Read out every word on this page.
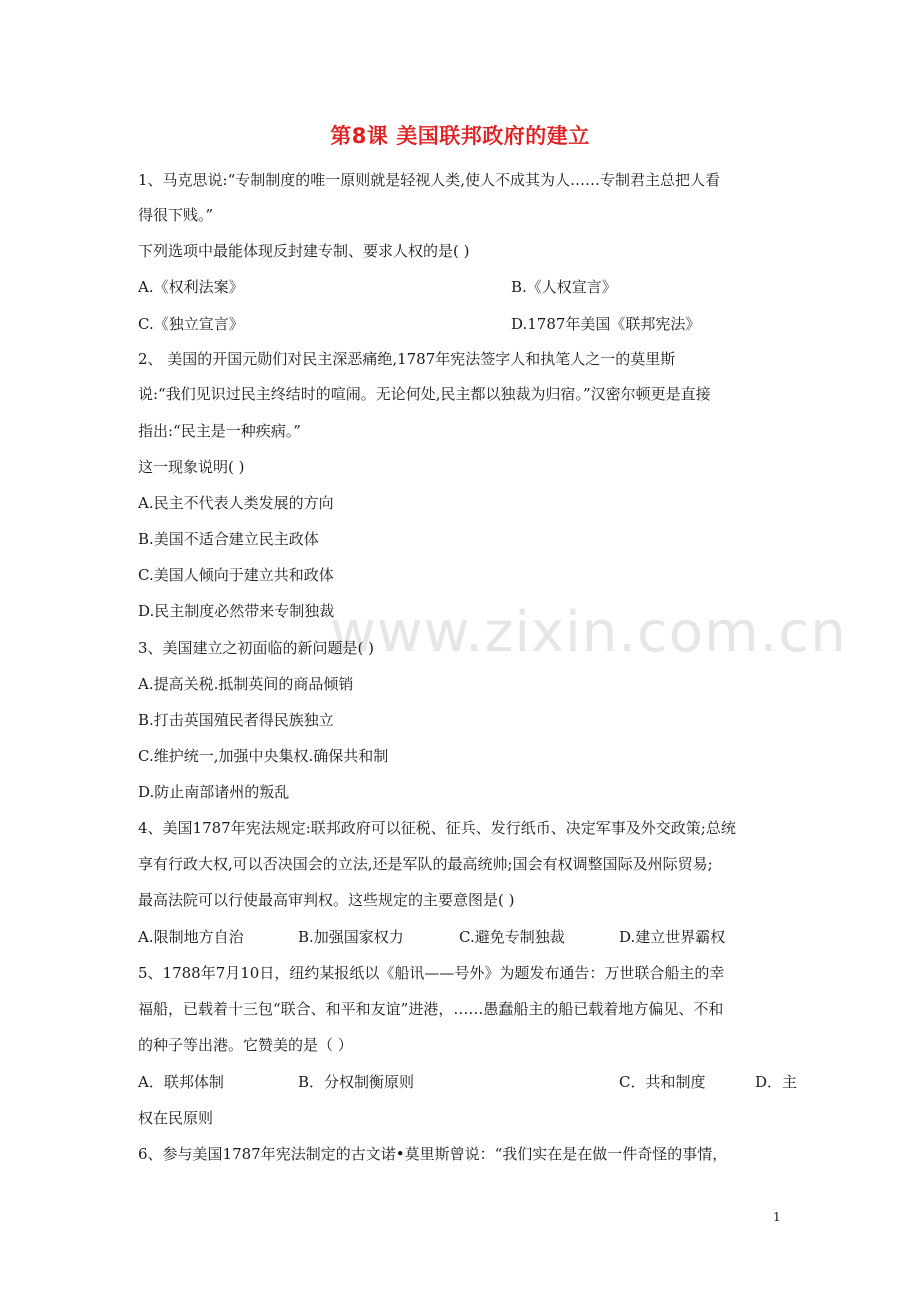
www.zixin.com.cn
第8课 美国联邦政府的建立
1、马克思说:“专制制度的唯一原则就是轻视人类,使人不成其为人……专制君主总把人看
得很下贱。”
下列选项中最能体现反封建专制、要求人权的是( )
A.《权利法案》	B.《人权宣言》
C.《独立宣言》	D.1787年美国《联邦宪法》
2、 美国的开国元勋们对民主深恶痛绝,1787年宪法签字人和执笔人之一的莫里斯
说:“我们见识过民主终结时的喧闹。无论何处,民主都以独裁为归宿。”汉密尔顿更是直接
指出:“民主是一种疾病。”
这一现象说明( )
A.民主不代表人类发展的方向
B.美国不适合建立民主政体
C.美国人倾向于建立共和政体
D.民主制度必然带来专制独裁
3、美国建立之初面临的新问题是( )
A.提高关税.抵制英间的商品倾销
B.打击英国殖民者得民族独立
C.维护统一,加强中央集权.确保共和制
D.防止南部诸州的叛乱
4、美国1787年宪法规定:联邦政府可以征税、征兵、发行纸币、决定军事及外交政策;总统
享有行政大权,可以否决国会的立法,还是军队的最高统帅;国会有权调整国际及州际贸易;
最高法院可以行使最高审判权。这些规定的主要意图是( )
A.限制地方自治	B.加强国家权力	C.避免专制独裁	D.建立世界霸权
5、1788年7月10日，纽约某报纸以《船讯——号外》为题发布通告：万世联合船主的幸
福船，已载着十三包“联合、和平和友谊”进港，……愚蠢船主的船已载着地方偏见、不和
的种子等出港。它赞美的是（ ）
A．联邦体制	B．分权制衡原则	C．共和制度	D．主
权在民原则
6、参与美国1787年宪法制定的古文诺•莫里斯曾说：“我们实在是在做一件奇怪的事情，
1
